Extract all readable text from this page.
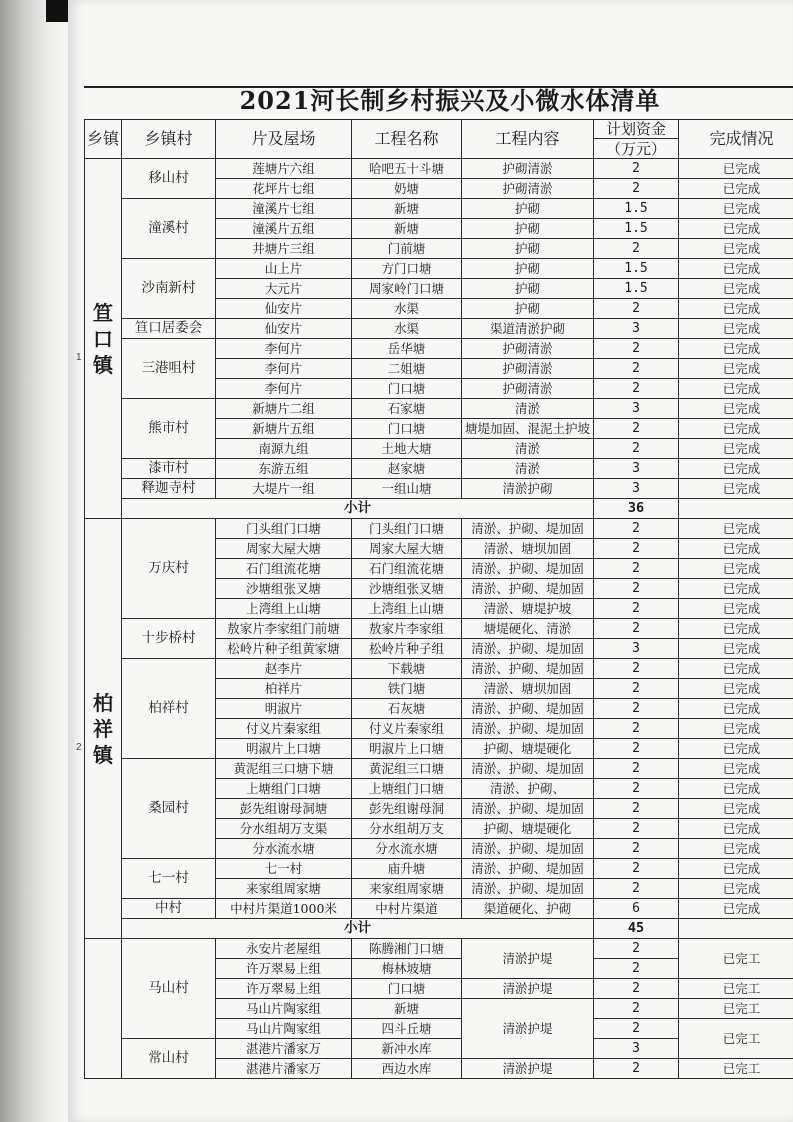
2021河长制乡村振兴及小微水体清单
1
2
乡镇	乡镇村	片及屋场	工程名称	工程内容	计划资金	完成情况
					（万元）	
笪
口
镇	移山村	莲塘片六组	哈吧五十斗塘	护砌清淤	2	已完成
		花坪片七组	奶塘	护砌清淤	2	已完成
	潼溪村	潼溪片七组	新塘	护砌	1.5	已完成
		潼溪片五组	新塘	护砌	1.5	已完成
		井塘片三组	门前塘	护砌	2	已完成
	沙南新村	山上片	方门口塘	护砌	1.5	已完成
		大元片	周家岭门口塘	护砌	1.5	已完成
		仙安片	水渠	护砌	2	已完成
	笪口居委会	仙安片	水渠	渠道清淤护砌	3	已完成
	三港咀村	李何片	岳华塘	护砌清淤	2	已完成
		李何片	二姐塘	护砌清淤	2	已完成
		李何片	门口塘	护砌清淤	2	已完成
	熊市村	新塘片二组	石家塘	清淤	3	已完成
		新塘片五组	门口塘	塘堤加固、混泥土护坡	2	已完成
		南源九组	土地大塘	清淤	2	已完成
	漆市村	东游五组	赵家塘	清淤	3	已完成
	释迦寺村	大堤片一组	一组山塘	清淤护砌	3	已完成
	小计				36	
柏
祥
镇	万庆村	门头组门口塘	门头组门口塘	清淤、护砌、堤加固	2	已完成
		周家大屋大塘	周家大屋大塘	清淤、塘坝加固	2	已完成
		石门组流花塘	石门组流花塘	清淤、护砌、堤加固	2	已完成
		沙塘组张叉塘	沙塘组张叉塘	清淤、护砌、堤加固	2	已完成
		上湾组上山塘	上湾组上山塘	清淤、塘堤护坡	2	已完成
	十步桥村	敖家片李家组门前塘	敖家片李家组	塘堤硬化、清淤	2	已完成
		松岭片种子组黄家塘	松岭片种子组	清淤、护砌、堤加固	3	已完成
	柏祥村	赵李片	下载塘	清淤、护砌、堤加固	2	已完成
		柏祥片	铁门塘	清淤、塘坝加固	2	已完成
		明淑片	石灰塘	清淤、护砌、堤加固	2	已完成
		付义片秦家组	付义片秦家组	清淤、护砌、堤加固	2	已完成
		明淑片上口塘	明淑片上口塘	护砌、塘堤硬化	2	已完成
	桑园村	黄泥组三口塘下塘	黄泥组三口塘	清淤、护砌、堤加固	2	已完成
		上塘组门口塘	上塘组门口塘	清淤、护砌、	2	已完成
		彭先组谢母洞塘	彭先组谢母洞	清淤、护砌、堤加固	2	已完成
		分水组胡万支渠	分水组胡万支	护砌、塘堤硬化	2	已完成
		分水流水塘	分水流水塘	清淤、护砌、堤加固	2	已完成
	七一村	七一村	庙升塘	清淤、护砌、堤加固	2	已完成
		来家组周家塘	来家组周家塘	清淤、护砌、堤加固	2	已完成
	中村	中村片渠道1000米	中村片渠道	渠道硬化、护砌	6	已完成
	小计				45	
	马山村	永安片老屋组	陈腾湘门口塘	清淤护堤	2	已完工
		许万翠易上组	梅林坡塘		2	
		许万翠易上组	门口塘	清淤护堤	2	已完工
		马山片陶家组	新塘	清淤护堤	2	已完工
		马山片陶家组	四斗丘塘		2	已完工
	常山村	湛港片潘家万	新冲水库		3	
		湛港片潘家万	西边水库	清淤护堤	2	已完工
